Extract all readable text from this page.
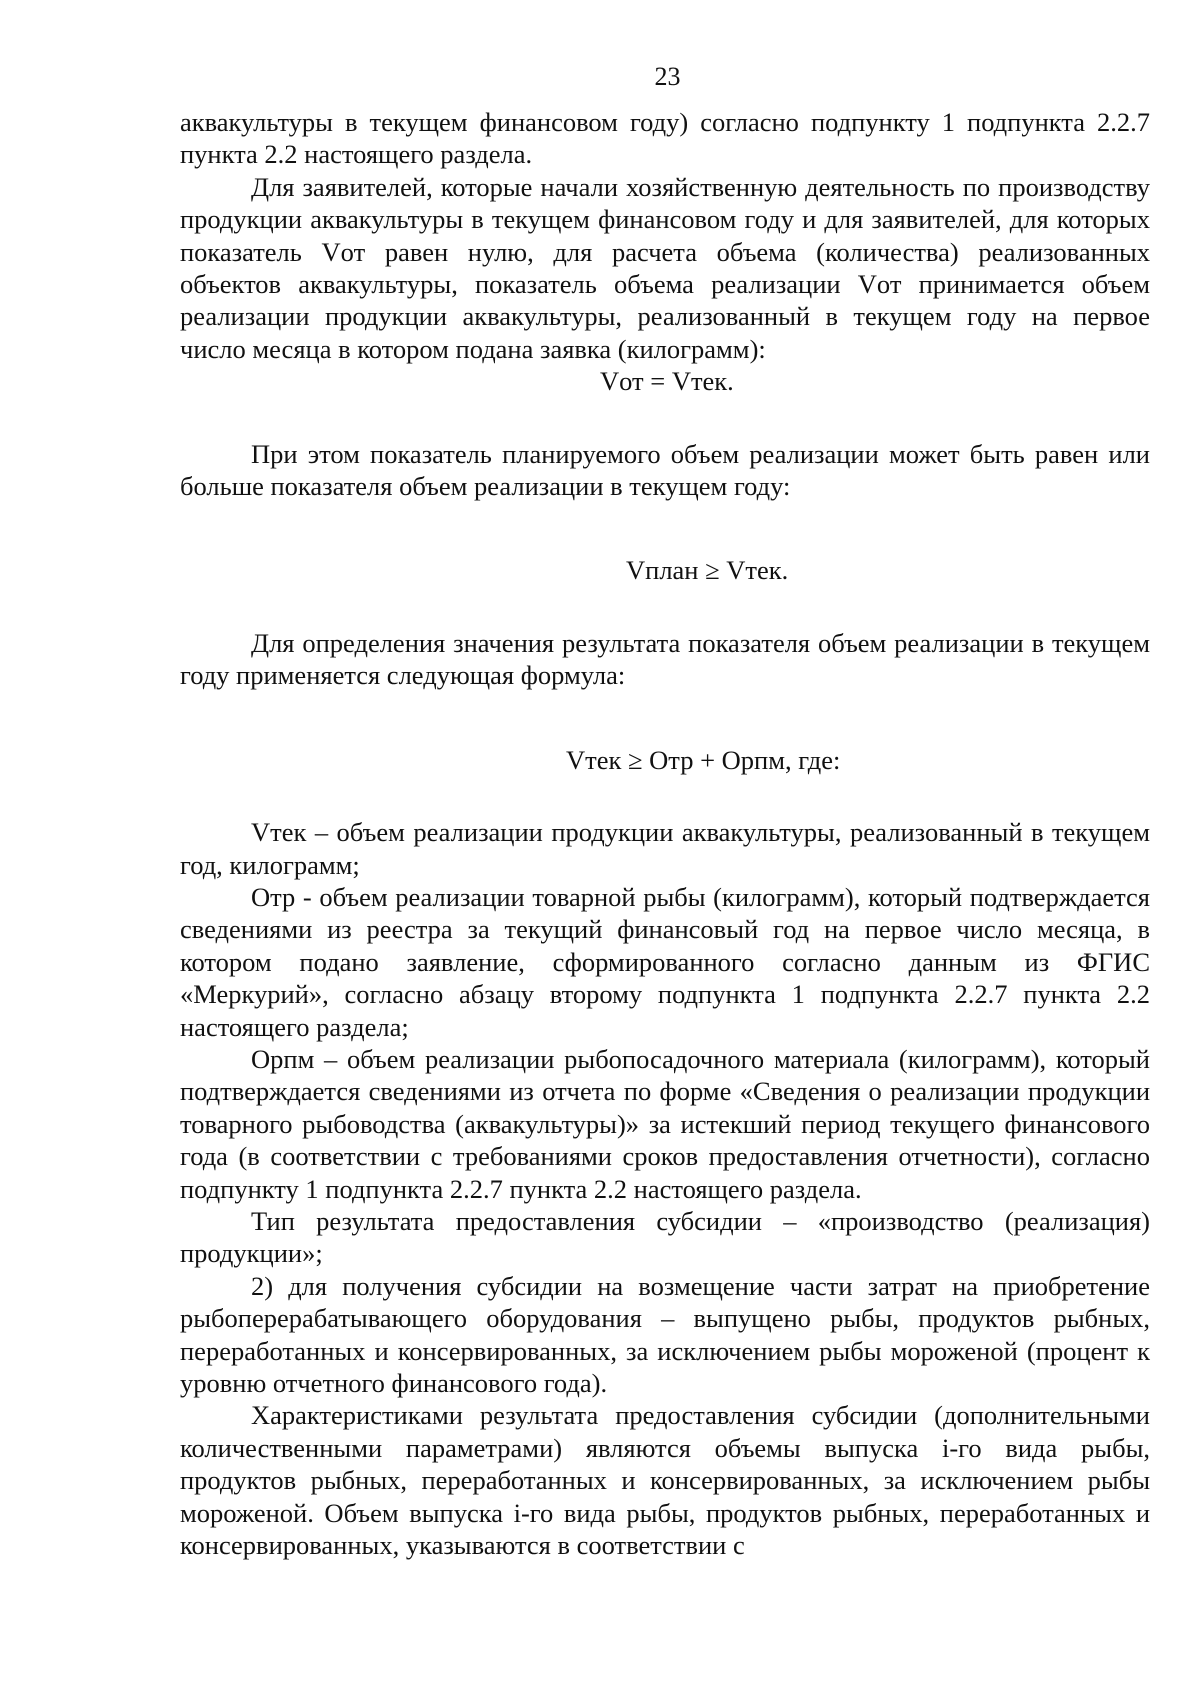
23

аквакультуры в текущем финансовом году) согласно подпункту 1 подпункта 2.2.7 пункта 2.2 настоящего раздела.

Для заявителей, которые начали хозяйственную деятельность по производству продукции аквакультуры в текущем финансовом году и для заявителей, для которых показатель Vот равен нулю, для расчета объема (количества) реализованных объектов аквакультуры, показатель объема реализации Vот принимается объем реализации продукции аквакультуры, реализованный в текущем году на первое число месяца в котором подана заявка (килограмм):

Vот = Vтек.

При этом показатель планируемого объем реализации может быть равен или больше показателя объем реализации в текущем году:

Vплан ≥ Vтек.

Для определения значения результата показателя объем реализации в текущем году применяется следующая формула:

Vтек ≥ Oтр + Oрпм, где:

Vтек – объем реализации продукции аквакультуры, реализованный в текущем год, килограмм;

Oтр - объем реализации товарной рыбы (килограмм), который подтверждается сведениями из реестра за текущий финансовый год на первое число месяца, в котором подано заявление, сформированного согласно данным из ФГИС «Меркурий», согласно абзацу второму подпункта 1 подпункта 2.2.7 пункта 2.2 настоящего раздела;

Oрпм – объем реализации рыбопосадочного материала (килограмм), который подтверждается сведениями из отчета по форме «Сведения о реализации продукции товарного рыбоводства (аквакультуры)» за истекший период текущего финансового года (в соответствии с требованиями сроков предоставления отчетности), согласно подпункту 1 подпункта 2.2.7 пункта 2.2 настоящего раздела.

Тип результата предоставления субсидии – «производство (реализация) продукции»;

2) для получения субсидии на возмещение части затрат на приобретение рыбоперерабатывающего оборудования – выпущено рыбы, продуктов рыбных, переработанных и консервированных, за исключением рыбы мороженой (процент к уровню отчетного финансового года).

Характеристиками результата предоставления субсидии (дополнительными количественными параметрами) являются объемы выпуска i-го вида рыбы, продуктов рыбных, переработанных и консервированных, за исключением рыбы мороженой. Объем выпуска i-го вида рыбы, продуктов рыбных, переработанных и консервированных, указываются в соответствии с
